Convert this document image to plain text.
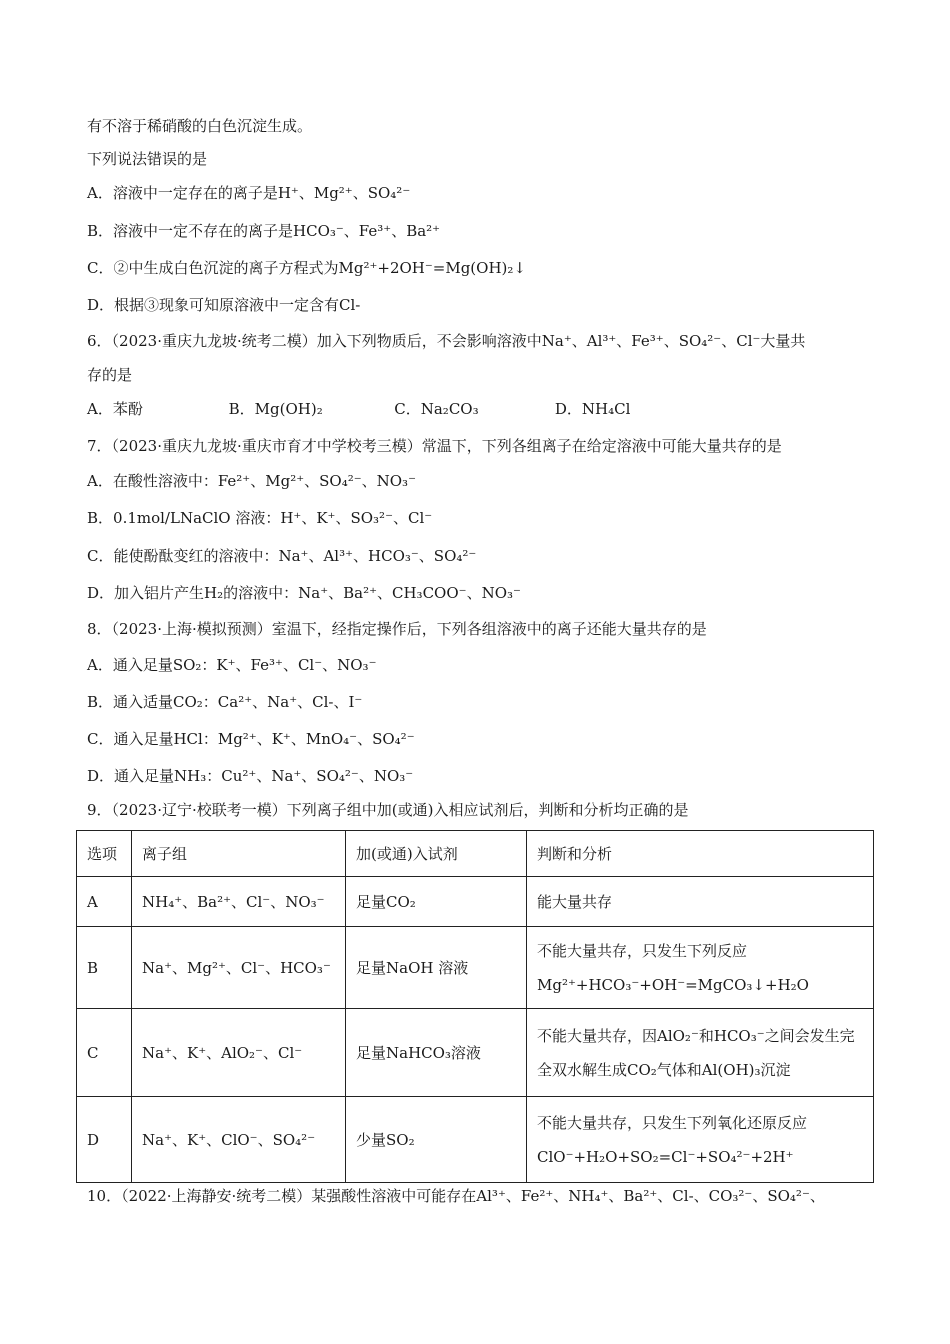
有不溶于稀硝酸的白色沉淀生成。
下列说法错误的是
A．溶液中一定存在的离子是H⁺、Mg²⁺、SO₄²⁻
B．溶液中一定不存在的离子是HCO₃⁻、Fe³⁺、Ba²⁺
C．②中生成白色沉淀的离子方程式为Mg²⁺+2OH⁻=Mg(OH)₂↓
D．根据③现象可知原溶液中一定含有Cl-
6．（2023·重庆九龙坡·统考二模）加入下列物质后，不会影响溶液中Na⁺、Al³⁺、Fe³⁺、SO₄²⁻、Cl⁻大量共
存的是
A．苯酚                  B．Mg(OH)₂               C．Na₂CO₃                D．NH₄Cl
7．（2023·重庆九龙坡·重庆市育才中学校考三模）常温下，下列各组离子在给定溶液中可能大量共存的是
A．在酸性溶液中：Fe²⁺、Mg²⁺、SO₄²⁻、NO₃⁻
B．0.1mol/LNaClO 溶液：H⁺、K⁺、SO₃²⁻、Cl⁻
C．能使酚酞变红的溶液中：Na⁺、Al³⁺、HCO₃⁻、SO₄²⁻
D．加入铝片产生H₂的溶液中：Na⁺、Ba²⁺、CH₃COO⁻、NO₃⁻
8．（2023·上海·模拟预测）室温下，经指定操作后，下列各组溶液中的离子还能大量共存的是
A．通入足量SO₂：K⁺、Fe³⁺、Cl⁻、NO₃⁻
B．通入适量CO₂：Ca²⁺、Na⁺、Cl-、I⁻
C．通入足量HCl：Mg²⁺、K⁺、MnO₄⁻、SO₄²⁻
D．通入足量NH₃：Cu²⁺、Na⁺、SO₄²⁻、NO₃⁻
9．（2023·辽宁·校联考一模）下列离子组中加(或通)入相应试剂后，判断和分析均正确的是
选项	离子组	加(或通)入试剂	判断和分析
A	NH₄⁺、Ba²⁺、Cl⁻、NO₃⁻	足量CO₂	能大量共存

B	Na⁺、Mg²⁺、Cl⁻、HCO₃⁻	足量NaOH 溶液	不能大量共存，只发生下列反应
Mg²⁺+HCO₃⁻+OH⁻=MgCO₃↓+H₂O

C	Na⁺、K⁺、AlO₂⁻、Cl⁻	足量NaHCO₃溶液	不能大量共存，因AlO₂⁻和HCO₃⁻之间会发生完
全双水解生成CO₂气体和Al(OH)₃沉淀

D	Na⁺、K⁺、ClO⁻、SO₄²⁻	少量SO₂	不能大量共存，只发生下列氧化还原反应
ClO⁻+H₂O+SO₂=Cl⁻+SO₄²⁻+2H⁺
10．（2022·上海静安·统考二模）某强酸性溶液中可能存在Al³⁺、Fe²⁺、NH₄⁺、Ba²⁺、Cl-、CO₃²⁻、SO₄²⁻、
